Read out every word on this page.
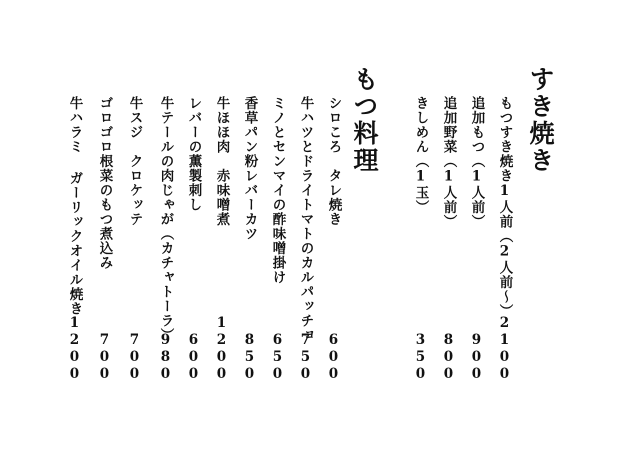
すき焼き
もつすき焼き1人前（2人前〜）
2100
追加もつ（1人前）
900
追加野菜（1人前）
800
きしめん（1玉）
350
もつ料理
シロころ　タレ焼き
600
牛ハツとドライトマトのカルパッチョ
750
ミノとセンマイの酢味噌掛け
650
香草パン粉レバーカツ
850
牛ほほ肉　赤味噌煮
1200
レバーの薫製刺し
600
牛テールの肉じゃが（カチャトーラ）
980
牛スジ　クロケッテ
700
ゴロゴロ根菜のもつ煮込み
700
牛ハラミ ガーリックオイル焼き
1200
